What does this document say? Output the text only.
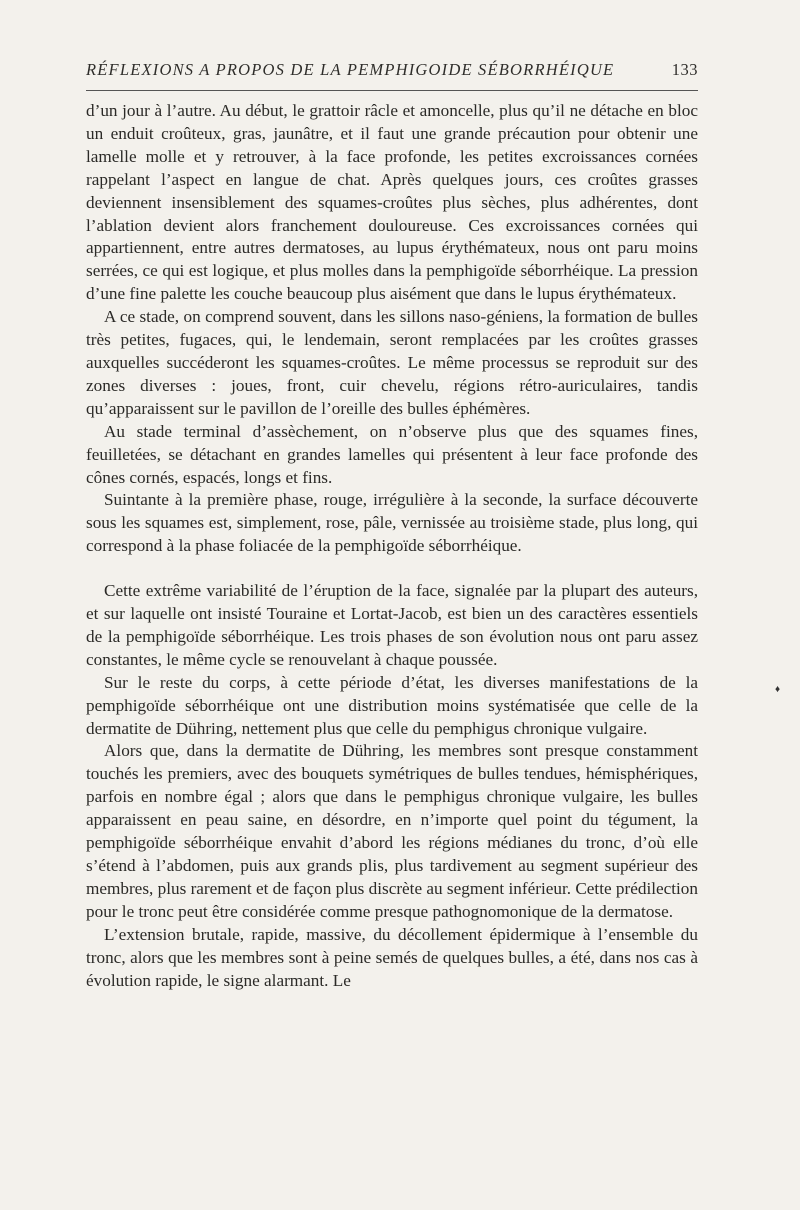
RÉFLEXIONS A PROPOS DE LA PEMPHIGOIDE SÉBORRHÉIQUE	133

d’un jour à l’autre. Au début, le grattoir râcle et amoncelle, plus qu’il ne détache en bloc un enduit croûteux, gras, jaunâtre, et il faut une grande précaution pour obtenir une lamelle molle et y retrouver, à la face profonde, les petites excroissances cornées rappelant l’aspect en langue de chat. Après quelques jours, ces croûtes grasses deviennent insensiblement des squames-croûtes plus sèches, plus adhérentes, dont l’ablation devient alors franchement douloureuse. Ces excroissances cornées qui appartiennent, entre autres dermatoses, au lupus érythémateux, nous ont paru moins serrées, ce qui est logique, et plus molles dans la pemphigoïde séborrhéique. La pression d’une fine palette les couche beaucoup plus aisément que dans le lupus érythémateux.

A ce stade, on comprend souvent, dans les sillons naso-géniens, la formation de bulles très petites, fugaces, qui, le lendemain, seront remplacées par les croûtes grasses auxquelles succéderont les squames-croûtes. Le même processus se reproduit sur des zones diverses : joues, front, cuir chevelu, régions rétro-auriculaires, tandis qu’apparaissent sur le pavillon de l’oreille des bulles éphémères.

Au stade terminal d’assèchement, on n’observe plus que des squames fines, feuilletées, se détachant en grandes lamelles qui présentent à leur face profonde des cônes cornés, espacés, longs et fins.

Suintante à la première phase, rouge, irrégulière à la seconde, la surface découverte sous les squames est, simplement, rose, pâle, vernissée au troisième stade, plus long, qui correspond à la phase foliacée de la pemphigoïde séborrhéique.

Cette extrême variabilité de l’éruption de la face, signalée par la plupart des auteurs, et sur laquelle ont insisté Touraine et Lortat-Jacob, est bien un des caractères essentiels de la pemphigoïde séborrhéique. Les trois phases de son évolution nous ont paru assez constantes, le même cycle se renouvelant à chaque poussée.

Sur le reste du corps, à cette période d’état, les diverses manifestations de la pemphigoïde séborrhéique ont une distribution moins systématisée que celle de la dermatite de Dühring, nettement plus que celle du pemphigus chronique vulgaire.

Alors que, dans la dermatite de Dühring, les membres sont presque constamment touchés les premiers, avec des bouquets symétriques de bulles tendues, hémisphériques, parfois en nombre égal ; alors que dans le pemphigus chronique vulgaire, les bulles apparaissent en peau saine, en désordre, en n’importe quel point du tégument, la pemphigoïde séborrhéique envahit d’abord les régions médianes du tronc, d’où elle s’étend à l’abdomen, puis aux grands plis, plus tardivement au segment supérieur des membres, plus rarement et de façon plus discrète au segment inférieur. Cette prédilection pour le tronc peut être considérée comme presque pathognomonique de la dermatose.

L’extension brutale, rapide, massive, du décollement épidermique à l’ensemble du tronc, alors que les membres sont à peine semés de quelques bulles, a été, dans nos cas à évolution rapide, le signe alarmant. Le

♦
